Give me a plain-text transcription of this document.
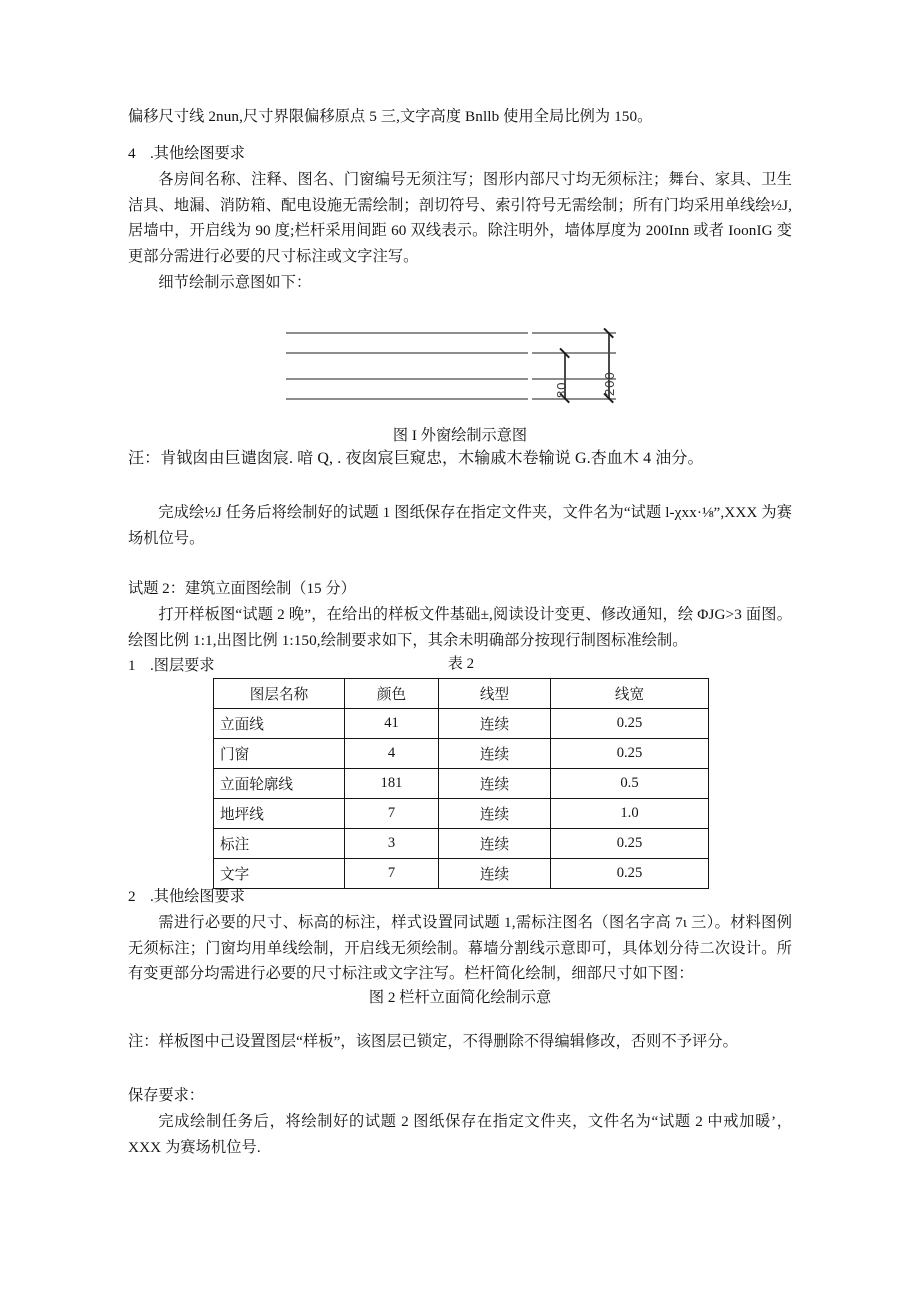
偏移尺寸线 2nun,尺寸界限偏移原点 5 三,文字高度 Bnllb 使用全局比例为 150。
4 .其他绘图要求
各房间名称、注释、图名、门窗编号无须注写；图形内部尺寸均无须标注；舞台、家具、卫生洁具、地漏、消防箱、配电设施无需绘制；剖切符号、索引符号无需绘制；所有门均采用单线绘½J,居墙中，开启线为 90 度;栏杆采用间距 60 双线表示。除注明外，墙体厚度为 200Inn 或者 IoonIG 变更部分需进行必要的尺寸标注或文字注写。
细节绘制示意图如下：
80	200
图 I 外窗绘制示意图
汪：肯钺囱由巨谴囱宸. 喑 Q, . 夜囱宸巨窥忠，木输戚木卷输说 G.杏血木 4 油分。
完成绘½J 任务后将绘制好的试题 1 图纸保存在指定文件夹，文件名为“试题 l-χxx·⅛”,XXX 为赛场机位号。
试题 2：建筑立面图绘制（15 分）
打开样板图“试题 2 晚”，在给出的样板文件基础±,阅读设计变更、修改通知，绘 ΦJG>3 面图。绘图比例 1:1,出图比例 1:150,绘制要求如下，其余未明确部分按现行制图标准绘制。
1 .图层要求	表 2
图层名称	颜色	线型	线宽
立面线	41	连续	0.25
门窗	4	连续	0.25
立面轮廓线	181	连续	0.5
地坪线	7	连续	1.0
标注	3	连续	0.25
文字	7	连续	0.25
2 .其他绘图要求
需进行必要的尺寸、标高的标注，样式设置同试题 1,需标注图名（图名字高 7ι 三）。材料图例无须标注；门窗均用单线绘制，开启线无须绘制。幕墙分割线示意即可，具体划分待二次设计。所有变更部分均需进行必要的尺寸标注或文字注写。栏杆简化绘制，细部尺寸如下图：
图 2 栏杆立面简化绘制示意
注：样板图中己设置图层“样板”，该图层已锁定，不得删除不得编辑修改，否则不予评分。
保存要求：
完成绘制任务后，将绘制好的试题 2 图纸保存在指定文件夹，文件名为“试题 2 中戒加暖’，XXX 为赛场机位号.
